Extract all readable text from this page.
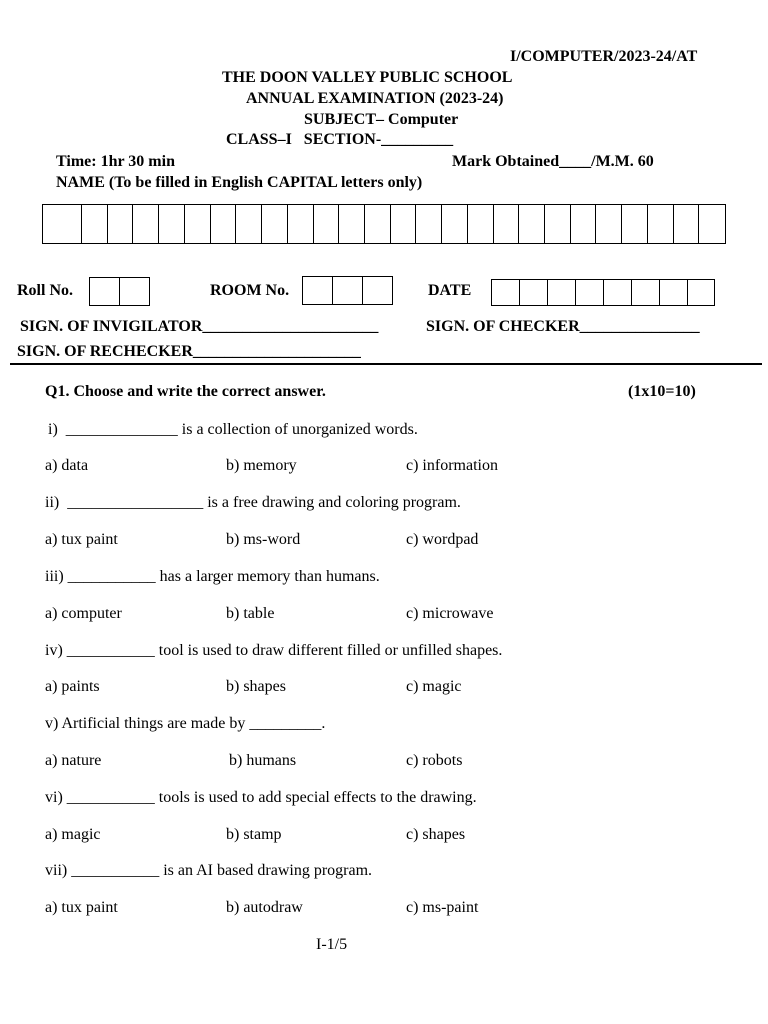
I/COMPUTER/2023-24/AT
THE DOON VALLEY PUBLIC SCHOOL
ANNUAL EXAMINATION (2023-24)
SUBJECT– Computer
CLASS–I   SECTION-_________
Time: 1hr 30 min	Mark Obtained____/M.M. 60
NAME (To be filled in English CAPITAL letters only)
Roll No.	ROOM No.	DATE
SIGN. OF INVIGILATOR______________________	SIGN. OF CHECKER_______________
SIGN. OF RECHECKER_____________________
Q1. Choose and write the correct answer.	(1x10=10)
i)  ______________ is a collection of unorganized words.
a) data	b) memory	c) information
ii)  _________________ is a free drawing and coloring program.
a) tux paint	b) ms-word	c) wordpad
iii) ___________ has a larger memory than humans.
a) computer	b) table	c) microwave
iv) ___________ tool is used to draw different filled or unfilled shapes.
a) paints	b) shapes	c) magic
v) Artificial things are made by _________.
a) nature	b) humans	c) robots
vi) ___________ tools is used to add special effects to the drawing.
a) magic	b) stamp	c) shapes
vii) ___________ is an AI based drawing program.
a) tux paint	b) autodraw	c) ms-paint
I-1/5
